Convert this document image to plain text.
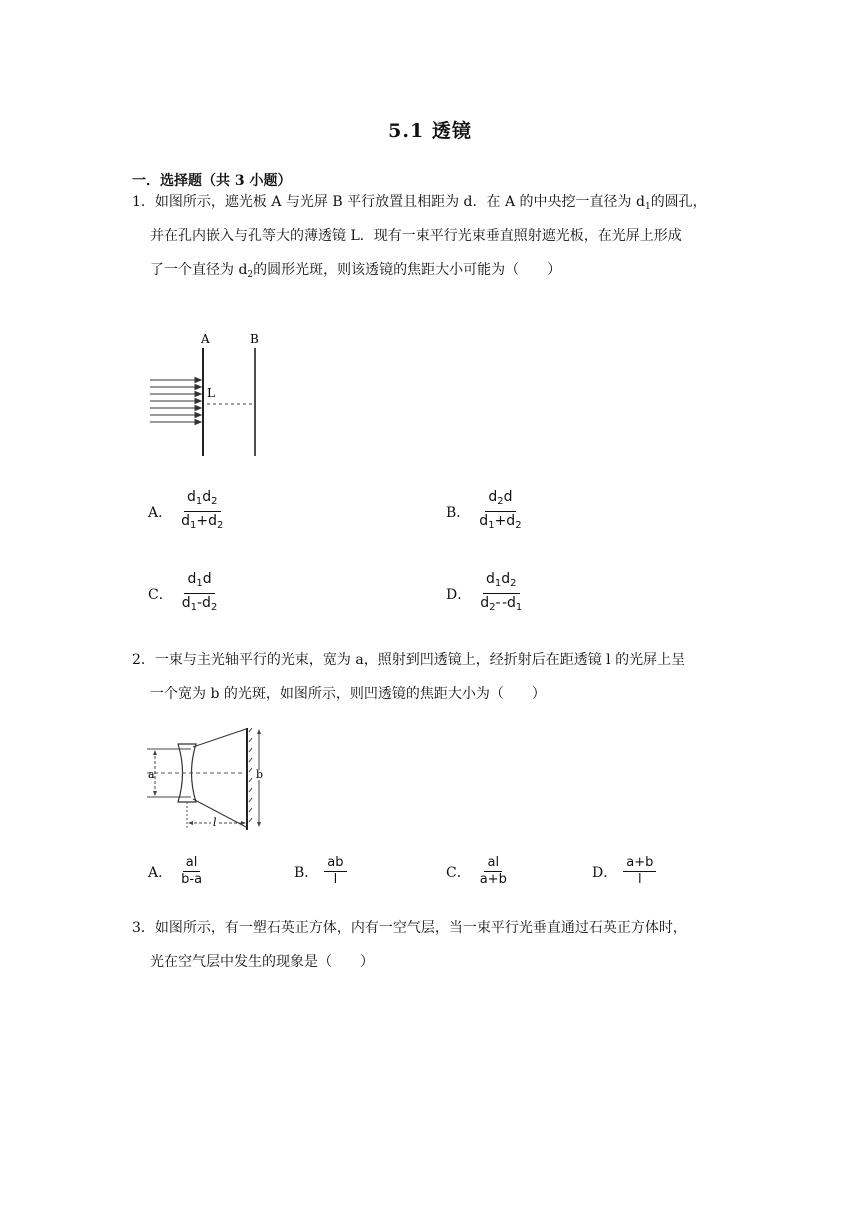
5.1 透镜
一．选择题（共 3 小题）
1．如图所示，遮光板 A 与光屏 B 平行放置且相距为 d．在 A 的中央挖一直径为 $d_1$的圆孔，
并在孔内嵌入与孔等大的薄透镜 L．现有一束平行光束垂直照射遮光板，在光屏上形成
了一个直径为 $d_2$的圆形光斑，则该透镜的焦距大小可能为（　　）
A	B
L
A． $\frac{d_1d_2}{d_1+d_2}$	B． $\frac{d_2d}{d_1+d_2}$
C． $\frac{d_1d}{d_1-d_2}$	D． $\frac{d_1d_2}{d_2- -d_1}$
2．一束与主光轴平行的光束，宽为 a，照射到凹透镜上，经折射后在距透镜 l 的光屏上呈
一个宽为 b 的光斑，如图所示，则凹透镜的焦距大小为（　　）
a	b
l
A． $\frac{al}{b-a}$	B． $\frac{ab}{l}$	C． $\frac{al}{a+b}$	D． $\frac{a+b}{l}$
3．如图所示，有一塑石英正方体，内有一空气层，当一束平行光垂直通过石英正方体时，
光在空气层中发生的现象是（　　）
